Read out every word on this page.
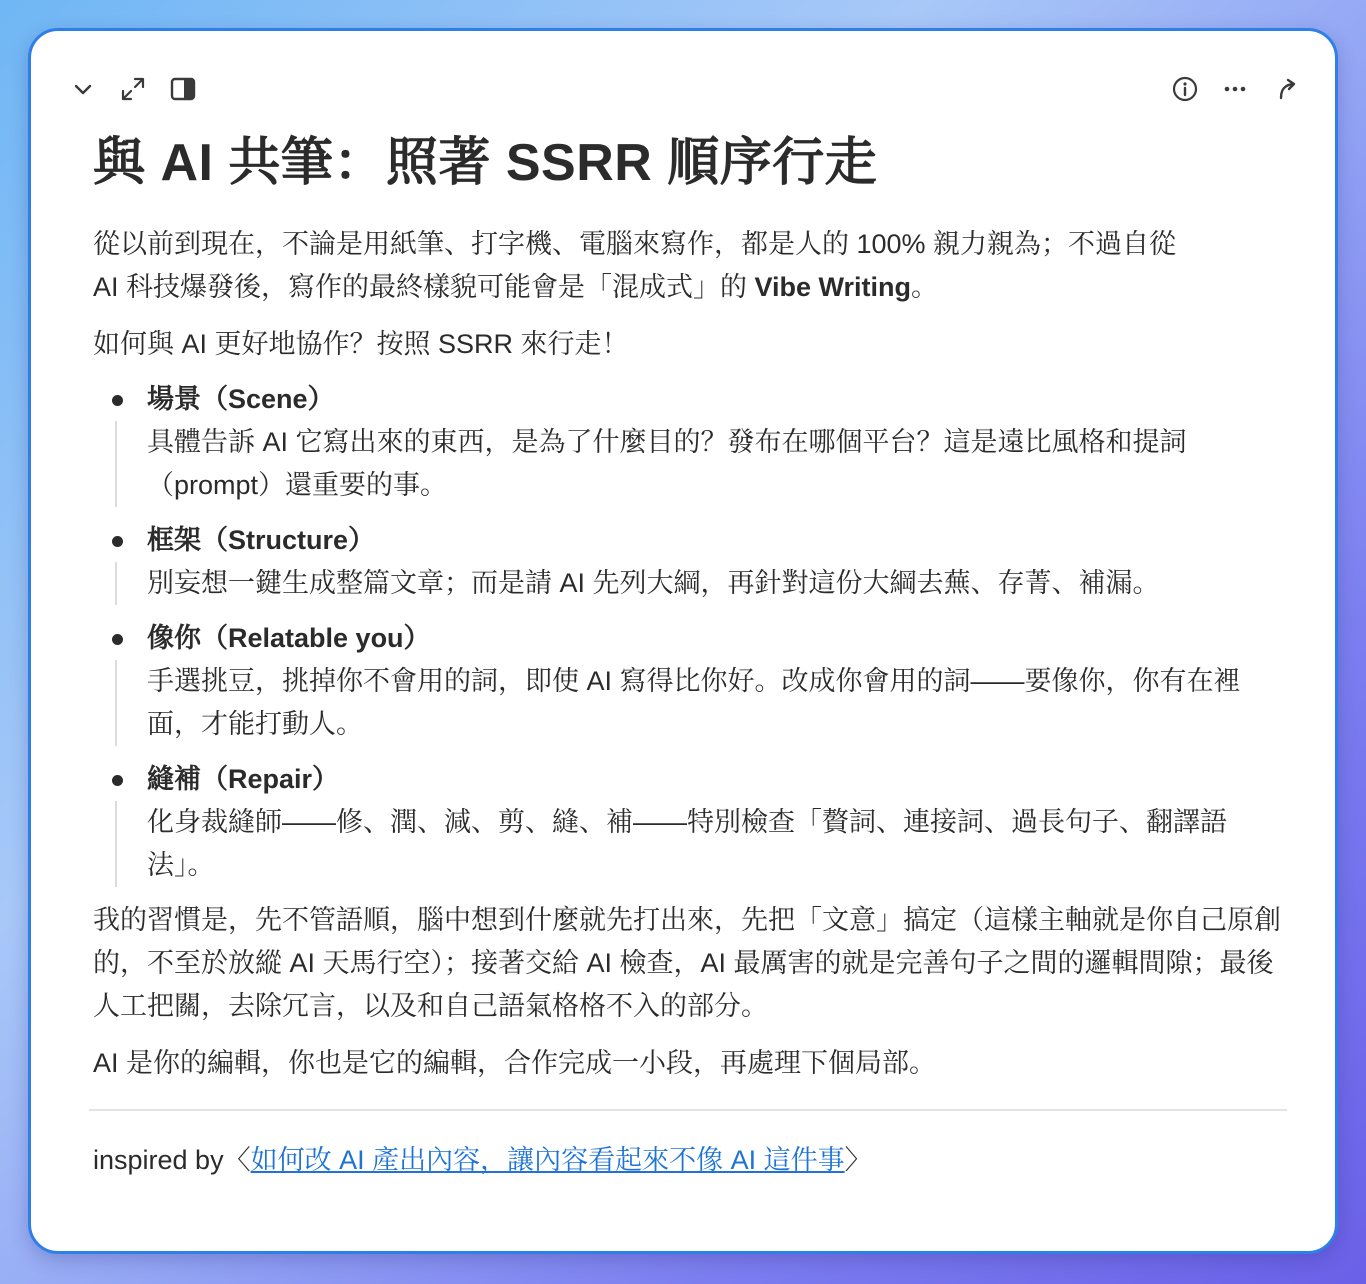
與 AI 共筆：照著 SSRR 順序行走

從以前到現在，不論是用紙筆、打字機、電腦來寫作，都是人的 100% 親力親為；不過自從
AI 科技爆發後，寫作的最終樣貌可能會是「混成式」的 Vibe Writing。

如何與 AI 更好地協作？按照 SSRR 來行走！

場景（Scene）
具體告訴 AI 它寫出來的東西，是為了什麼目的？發布在哪個平台？這是遠比風格和提詞（prompt）還重要的事。
框架（Structure）
別妄想一鍵生成整篇文章；而是請 AI 先列大綱，再針對這份大綱去蕪、存菁、補漏。
像你（Relatable you）
手選挑豆，挑掉你不會用的詞，即使 AI 寫得比你好。改成你會用的詞——要像你，你有在裡面，才能打動人。
縫補（Repair）
化身裁縫師——修、潤、減、剪、縫、補——特別檢查「贅詞、連接詞、過長句子、翻譯語法」。

我的習慣是，先不管語順，腦中想到什麼就先打出來，先把「文意」搞定（這樣主軸就是你自己原創的，不至於放縱 AI 天馬行空）；接著交給 AI 檢查，AI 最厲害的就是完善句子之間的邏輯間隙；最後人工把關，去除冗言，以及和自己語氣格格不入的部分。

AI 是你的編輯，你也是它的編輯，合作完成一小段，再處理下個局部。

inspired by〈如何改 AI 產出內容，讓內容看起來不像 AI 這件事〉
